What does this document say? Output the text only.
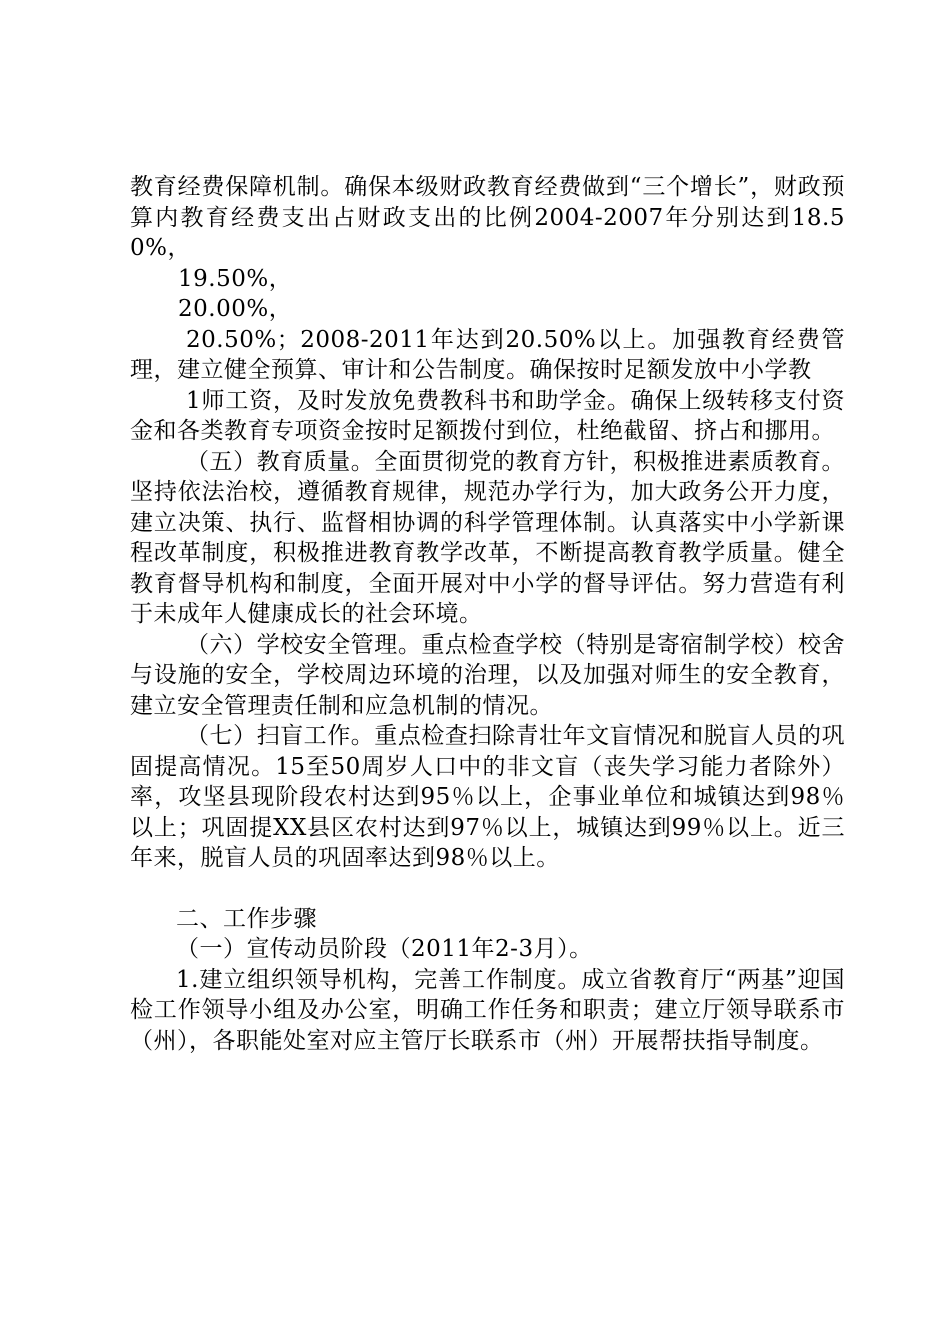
教育经费保障机制。确保本级财政教育经费做到“三个增长”，财政预算内教育经费支出占财政支出的比例2004-2007年分别达到18.50%，

19.50%，

20.00%，

20.50%；2008-2011年达到20.50%以上。加强教育经费管理，建立健全预算、审计和公告制度。确保按时足额发放中小学教

1师工资，及时发放免费教科书和助学金。确保上级转移支付资金和各类教育专项资金按时足额拨付到位，杜绝截留、挤占和挪用。

（五）教育质量。全面贯彻党的教育方针，积极推进素质教育。坚持依法治校，遵循教育规律，规范办学行为，加大政务公开力度，建立决策、执行、监督相协调的科学管理体制。认真落实中小学新课程改革制度，积极推进教育教学改革，不断提高教育教学质量。健全教育督导机构和制度，全面开展对中小学的督导评估。努力营造有利于未成年人健康成长的社会环境。

（六）学校安全管理。重点检查学校（特别是寄宿制学校）校舍与设施的安全，学校周边环境的治理，以及加强对师生的安全教育，建立安全管理责任制和应急机制的情况。

（七）扫盲工作。重点检查扫除青壮年文盲情况和脱盲人员的巩固提高情况。15至50周岁人口中的非文盲（丧失学习能力者除外）率，攻坚县现阶段农村达到95％以上，企事业单位和城镇达到98％以上；巩固提XX县区农村达到97％以上，城镇达到99％以上。近三年来，脱盲人员的巩固率达到98％以上。

二、工作步骤

（一）宣传动员阶段（2011年2-3月）。

1.建立组织领导机构，完善工作制度。成立省教育厅“两基”迎国检工作领导小组及办公室，明确工作任务和职责；建立厅领导联系市（州），各职能处室对应主管厅长联系市（州）开展帮扶指导制度。
